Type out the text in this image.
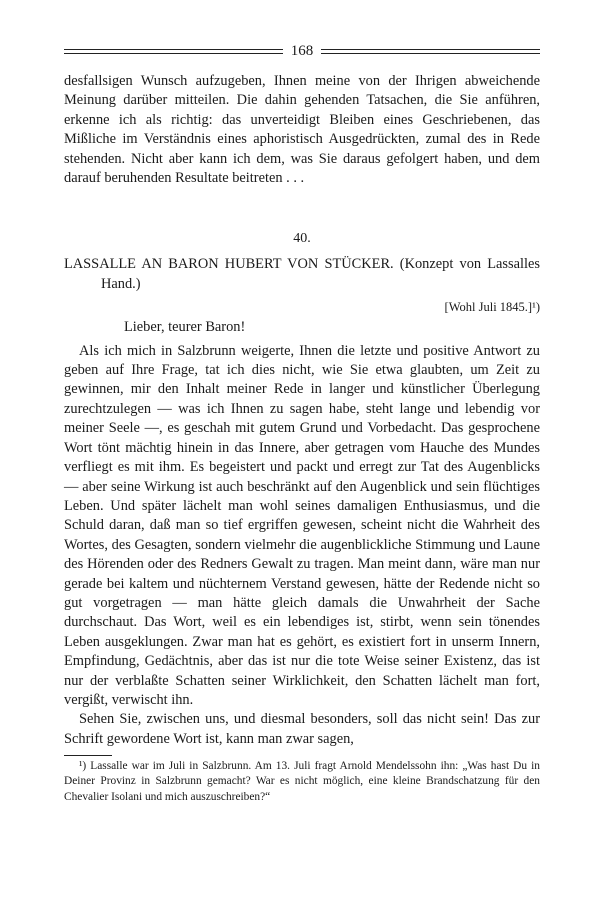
168

desfallsigen Wunsch aufzugeben, Ihnen meine von der Ihrigen abweichende Meinung darüber mitteilen. Die dahin gehenden Tatsachen, die Sie anführen, erkenne ich als richtig: das unverteidigt Bleiben eines Geschriebenen, das Mißliche im Verständnis eines aphoristisch Ausgedrückten, zumal des in Rede stehenden. Nicht aber kann ich dem, was Sie daraus gefolgert haben, und dem darauf beruhenden Resultate beitreten . . .

40.
LASSALLE AN BARON HUBERT VON STÜCKER. (Konzept von Lassalles Hand.)
[Wohl Juli 1845.]¹)

Lieber, teurer Baron!

Als ich mich in Salzbrunn weigerte, Ihnen die letzte und positive Antwort zu geben auf Ihre Frage, tat ich dies nicht, wie Sie etwa glaubten, um Zeit zu gewinnen, mir den Inhalt meiner Rede in langer und künstlicher Überlegung zurechtzulegen — was ich Ihnen zu sagen habe, steht lange und lebendig vor meiner Seele —, es geschah mit gutem Grund und Vorbedacht. Das gesprochene Wort tönt mächtig hinein in das Innere, aber getragen vom Hauche des Mundes verfliegt es mit ihm. Es begeistert und packt und erregt zur Tat des Augenblicks — aber seine Wirkung ist auch beschränkt auf den Augenblick und sein flüchtiges Leben. Und später lächelt man wohl seines damaligen Enthusiasmus, und die Schuld daran, daß man so tief ergriffen gewesen, scheint nicht die Wahrheit des Wortes, des Gesagten, sondern vielmehr die augenblickliche Stimmung und Laune des Hörenden oder des Redners Gewalt zu tragen. Man meint dann, wäre man nur gerade bei kaltem und nüchternem Verstand gewesen, hätte der Redende nicht so gut vorgetragen — man hätte gleich damals die Unwahrheit der Sache durchschaut. Das Wort, weil es ein lebendiges ist, stirbt, wenn sein tönendes Leben ausgeklungen. Zwar man hat es gehört, es existiert fort in unserm Innern, Empfindung, Gedächtnis, aber das ist nur die tote Weise seiner Existenz, das ist nur der verblaßte Schatten seiner Wirklichkeit, den Schatten lächelt man fort, vergißt, verwischt ihn.

Sehen Sie, zwischen uns, und diesmal besonders, soll das nicht sein! Das zur Schrift gewordene Wort ist, kann man zwar sagen,

¹) Lassalle war im Juli in Salzbrunn. Am 13. Juli fragt Arnold Mendelssohn ihn: „Was hast Du in Deiner Provinz in Salzbrunn gemacht? War es nicht möglich, eine kleine Brandschatzung für den Chevalier Isolani und mich auszuschreiben?“
